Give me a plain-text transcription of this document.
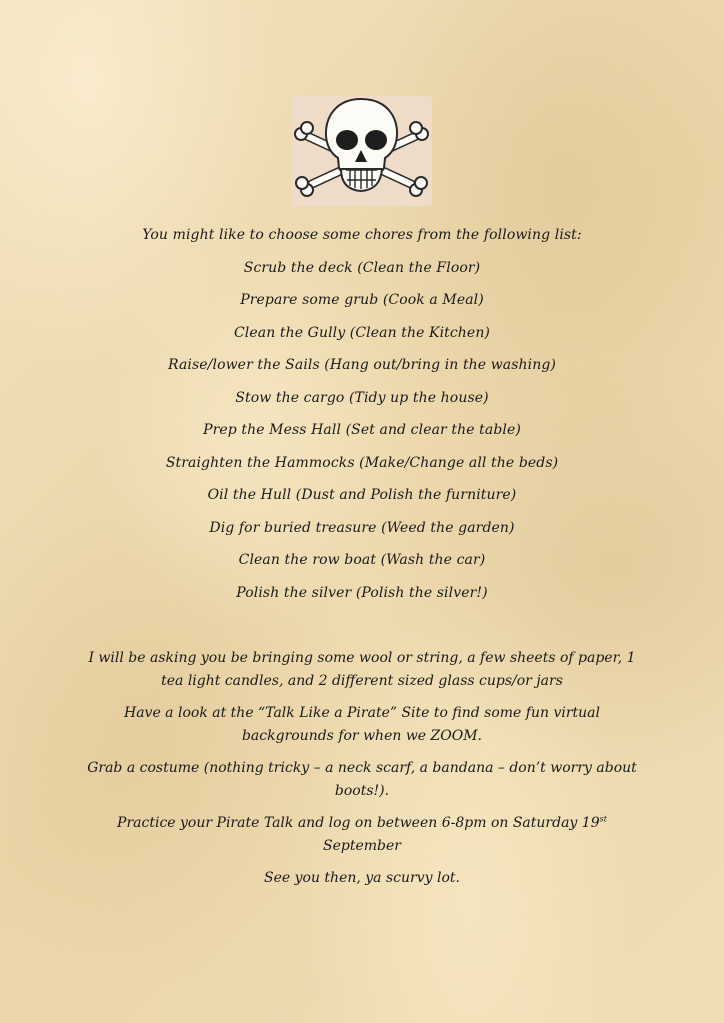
You might like to choose some chores from the following list:
Scrub the deck (Clean the Floor)
Prepare some grub (Cook a Meal)
Clean the Gully (Clean the Kitchen)
Raise/lower the Sails (Hang out/bring in the washing)
Stow the cargo (Tidy up the house)
Prep the Mess Hall (Set and clear the table)
Straighten the Hammocks (Make/Change all the beds)
Oil the Hull (Dust and Polish the furniture)
Dig for buried treasure (Weed the garden)
Clean the row boat (Wash the car)
Polish the silver (Polish the silver!)
I will be asking you be bringing some wool or string, a few sheets of paper, 1 tea light candles, and 2 different sized glass cups/or jars
Have a look at the “Talk Like a Pirate” Site to find some fun virtual backgrounds for when we ZOOM.
Grab a costume (nothing tricky – a neck scarf, a bandana – don’t worry about boots!).
Practice your Pirate Talk and log on between 6-8pm on Saturday 19st September
See you then, ya scurvy lot.
